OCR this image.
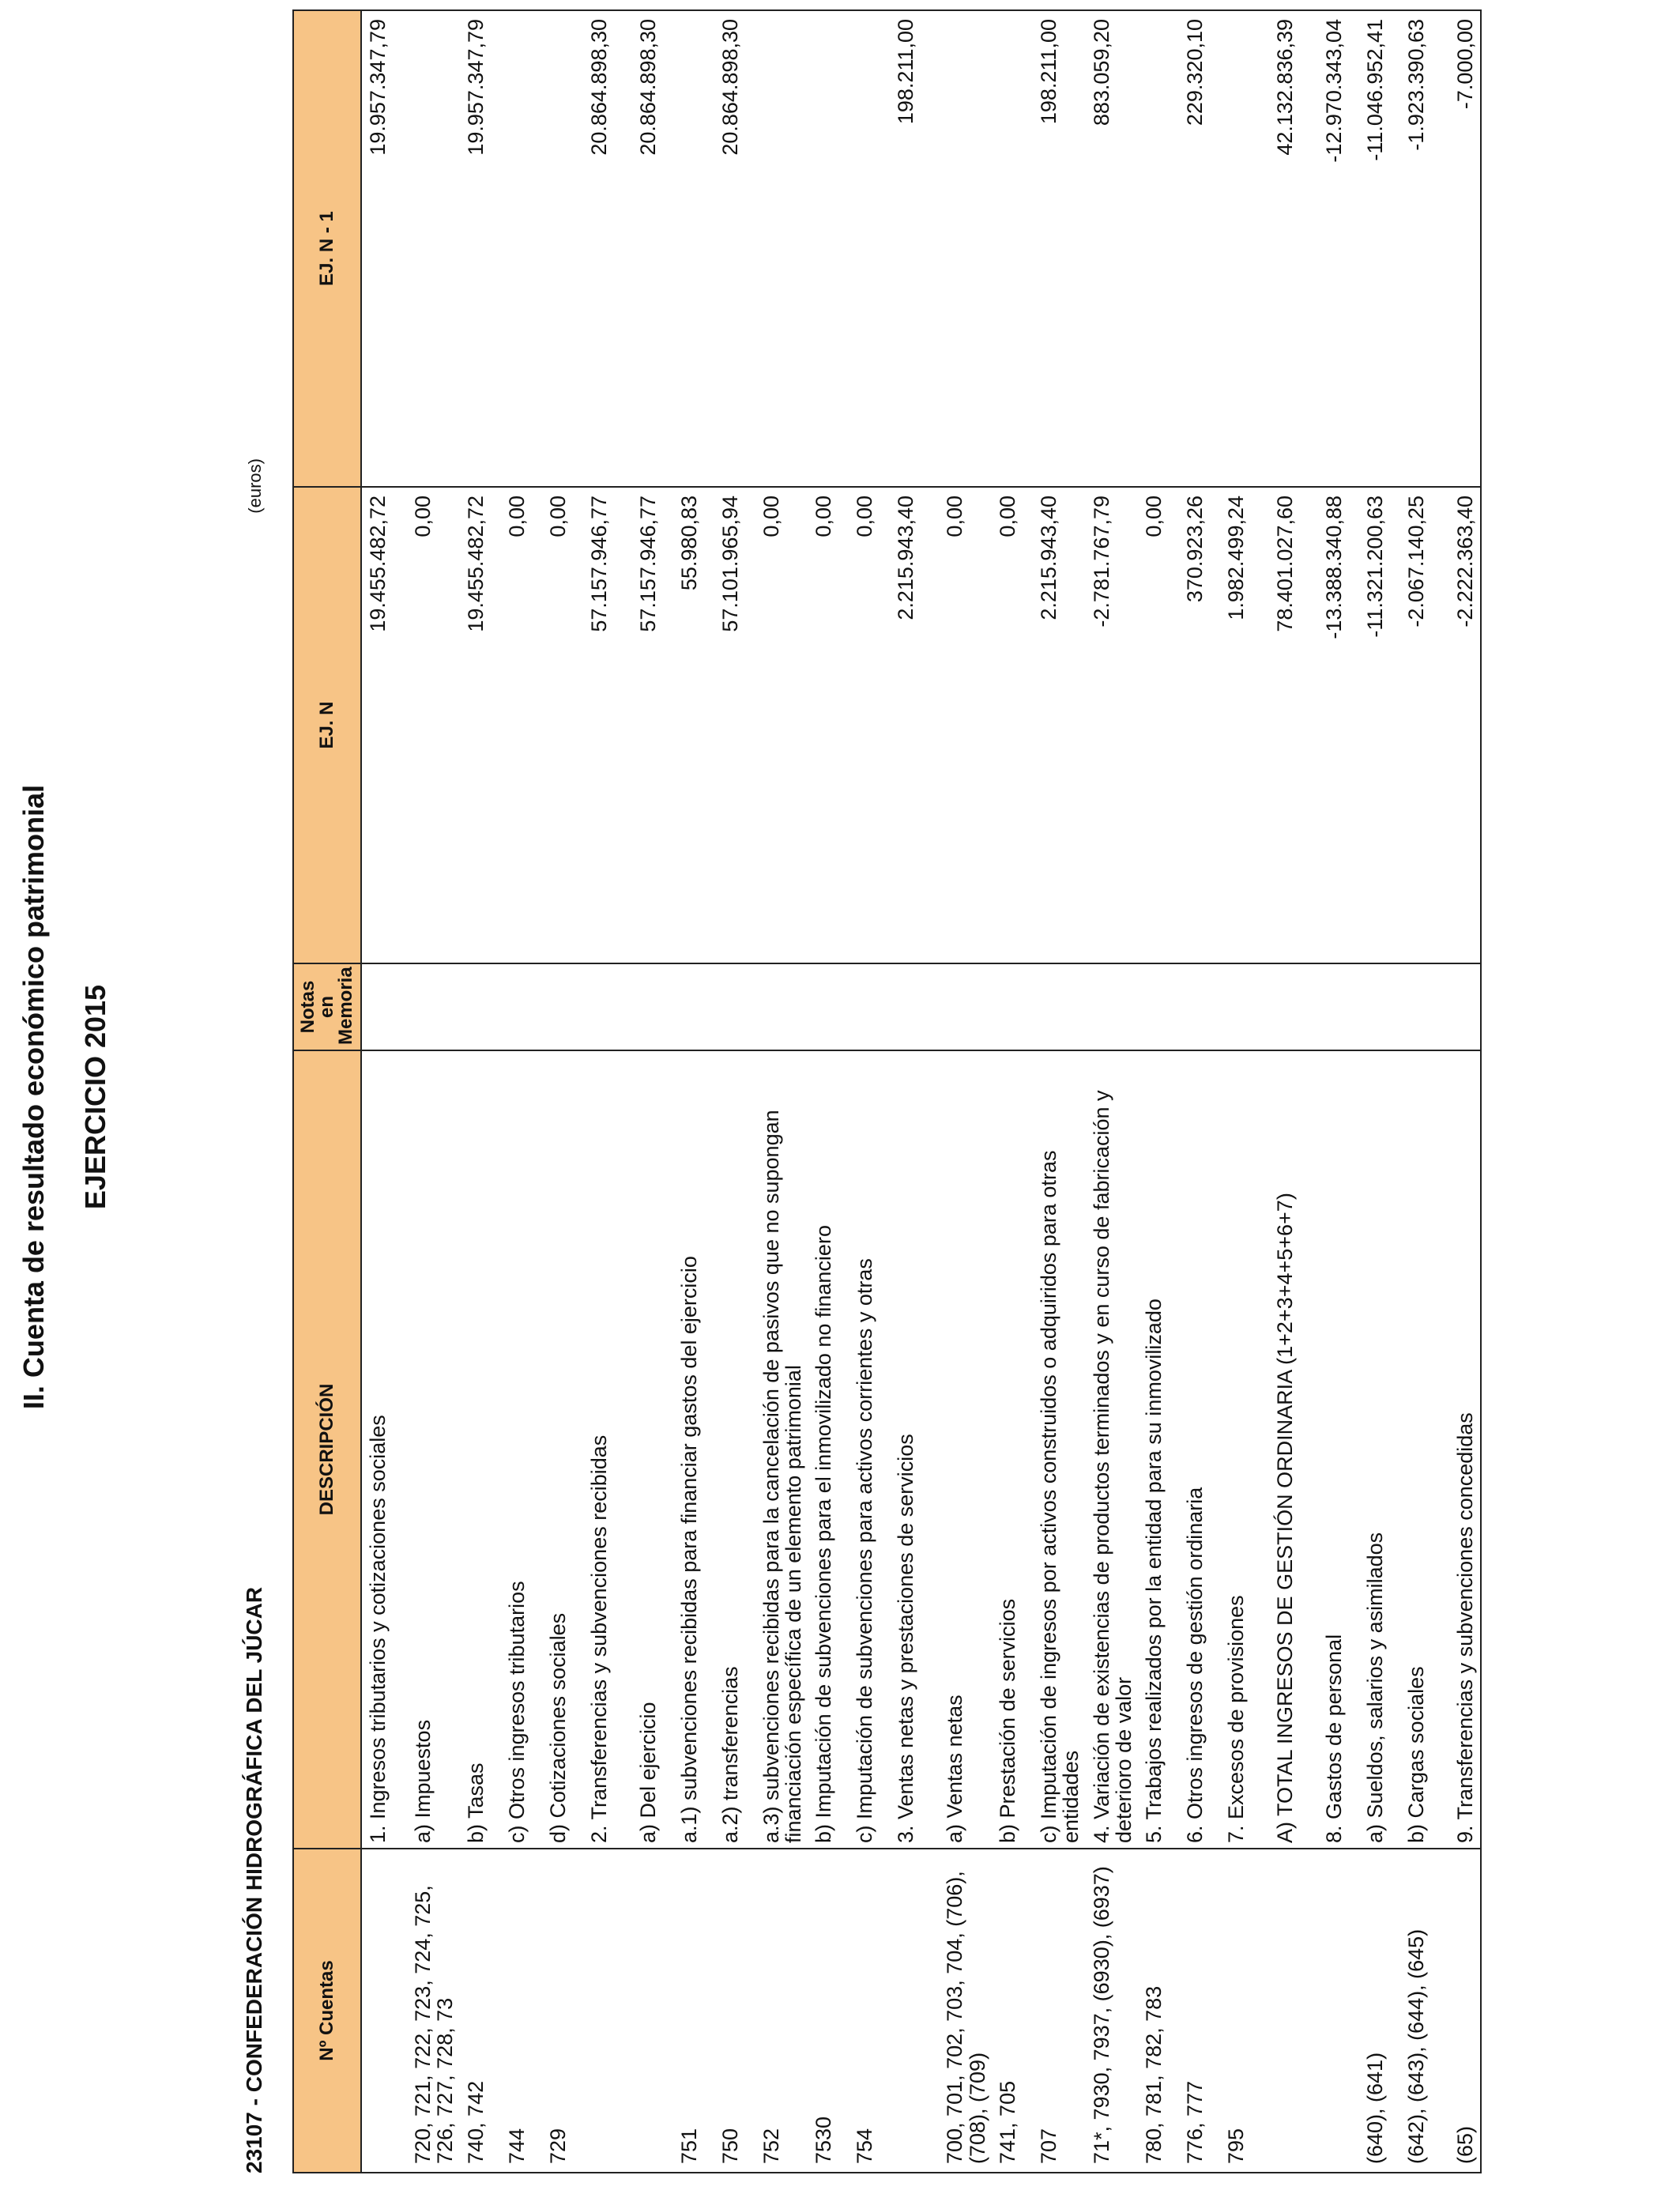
II. Cuenta de resultado económico patrimonial EJERCICIO 2015
23107 - CONFEDERACIÓN HIDROGRÁFICA DEL JÚCAR
(euros)
Nº Cuentas	DESCRIPCIÓN	Notas en Memoria	EJ. N	EJ. N - 1
	1. Ingresos tributarios y cotizaciones sociales		19.455.482,72	19.957.347,79
720, 721, 722, 723, 724, 725, 726, 727, 728, 73	a) Impuestos		0,00	
740, 742	b) Tasas		19.455.482,72	19.957.347,79
744	c) Otros ingresos tributarios		0,00	
729	d) Cotizaciones sociales		0,00	
	2. Transferencias y subvenciones recibidas		57.157.946,77	20.864.898,30
	a) Del ejercicio		57.157.946,77	20.864.898,30
751	a.1) subvenciones recibidas para financiar gastos del ejercicio		55.980,83	
750	a.2) transferencias		57.101.965,94	20.864.898,30
752	a.3) subvenciones recibidas para la cancelación de pasivos que no supongan financiación específica de un elemento patrimonial		0,00	
7530	b) Imputación de subvenciones para el inmovilizado no financiero		0,00	
754	c) Imputación de subvenciones para activos corrientes y otras		0,00	
	3. Ventas netas y prestaciones de servicios		2.215.943,40	198.211,00
700, 701, 702, 703, 704, (706), (708), (709)	a) Ventas netas		0,00	
741, 705	b) Prestación de servicios		0,00	
707	c) Imputación de ingresos por activos construidos o adquiridos para otras entidades		2.215.943,40	198.211,00
71*, 7930, 7937, (6930), (6937)	4. Variación de existencias de productos terminados y en curso de fabricación y deterioro de valor		-2.781.767,79	883.059,20
780, 781, 782, 783	5. Trabajos realizados por la entidad para su inmovilizado		0,00	
776, 777	6. Otros ingresos de gestión ordinaria		370.923,26	229.320,10
795	7. Excesos de provisiones		1.982.499,24	
	A) TOTAL INGRESOS DE GESTIÓN ORDINARIA (1+2+3+4+5+6+7)		78.401.027,60	42.132.836,39
	8. Gastos de personal		-13.388.340,88	-12.970.343,04
(640), (641)	a) Sueldos, salarios y asimilados		-11.321.200,63	-11.046.952,41
(642), (643), (644), (645)	b) Cargas sociales		-2.067.140,25	-1.923.390,63
(65)	9. Transferencias y subvenciones concedidas		-2.222.363,40	-7.000,00
